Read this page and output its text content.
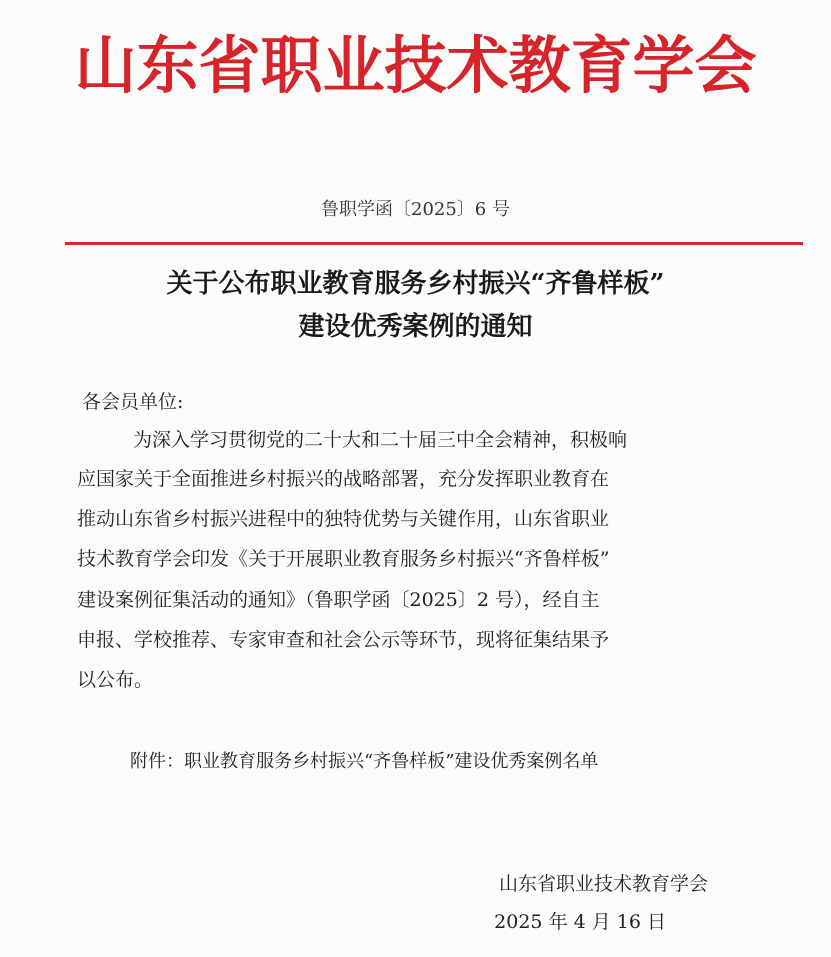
山东省职业技术教育学会
鲁职学函〔2025〕6 号
关于公布职业教育服务乡村振兴“齐鲁样板”
建设优秀案例的通知
各会员单位:
为深入学习贯彻党的二十大和二十届三中全会精神，积极响
应国家关于全面推进乡村振兴的战略部署，充分发挥职业教育在
推动山东省乡村振兴进程中的独特优势与关键作用，山东省职业
技术教育学会印发《关于开展职业教育服务乡村振兴“齐鲁样板”
建设案例征集活动的通知》（鲁职学函〔2025〕2 号），经自主
申报、学校推荐、专家审查和社会公示等环节，现将征集结果予
以公布。
附件：职业教育服务乡村振兴“齐鲁样板”建设优秀案例名单
山东省职业技术教育学会
2025 年 4 月 16 日
